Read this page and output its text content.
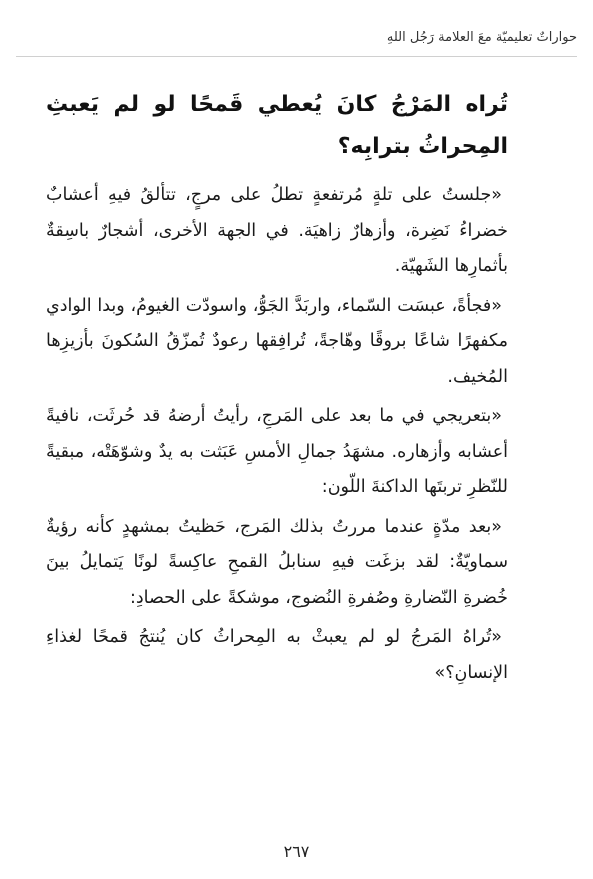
حواراتٌ تعليميّة معَ العلامة رَجُل اللهِ

تُراه المَرْجُ كانَ يُعطي قَمحًا لو لم يَعبثِ المِحراثُ بترابِه؟

«جلستُ على تلةٍ مُرتفعةٍ تطلُ على مرجٍ، تتألقُ فيهِ أعشابٌ خضراءُ نَضِرة، وأزهارٌ زاهيَة. في الجهة الأخرى، أشجارٌ باسِقةٌ بأثمارِها الشَهيّة.

«فجأةً، عبسَت السّماء، واربَدَّ الجَوُّ، واسودّت الغيومُ، وبدا الوادي مكفهرًا شاعًا بروقًا وهّاجةً، تُرافِقها رعودٌ تُمزّقُ السُكونَ بأزيزِها المُخيف.

«بتعريجي في ما بعد على المَرجِ، رأيتُ أرضهُ قد حُرثَت، نافيةً أعشابه وأزهاره. مشهَدُ جمالِ الأمسِ عَبَثت به يدٌ وشوّهَتْه، مبقيةً للنّظرِ تربتَها الداكنةَ اللّون:

«بعد مدّةٍ عندما مررتُ بذلك المَرج، حَظيتُ بمشهدٍ كأنه رؤيةٌ سماويّةٌ: لقد بزغَت فيهِ سنابلُ القمحِ عاكِسةً لونًا يَتمايلُ بينَ خُضرةِ النّضارةِ وصُفرةِ النُضوج، موشكةً على الحصادِ:

«تُراهُ المَرجُ لو لم يعبثْ به المِحراثُ كان يُنتجُ قمحًا لغذاءِ الإنسانِ؟»

٢٦٧
